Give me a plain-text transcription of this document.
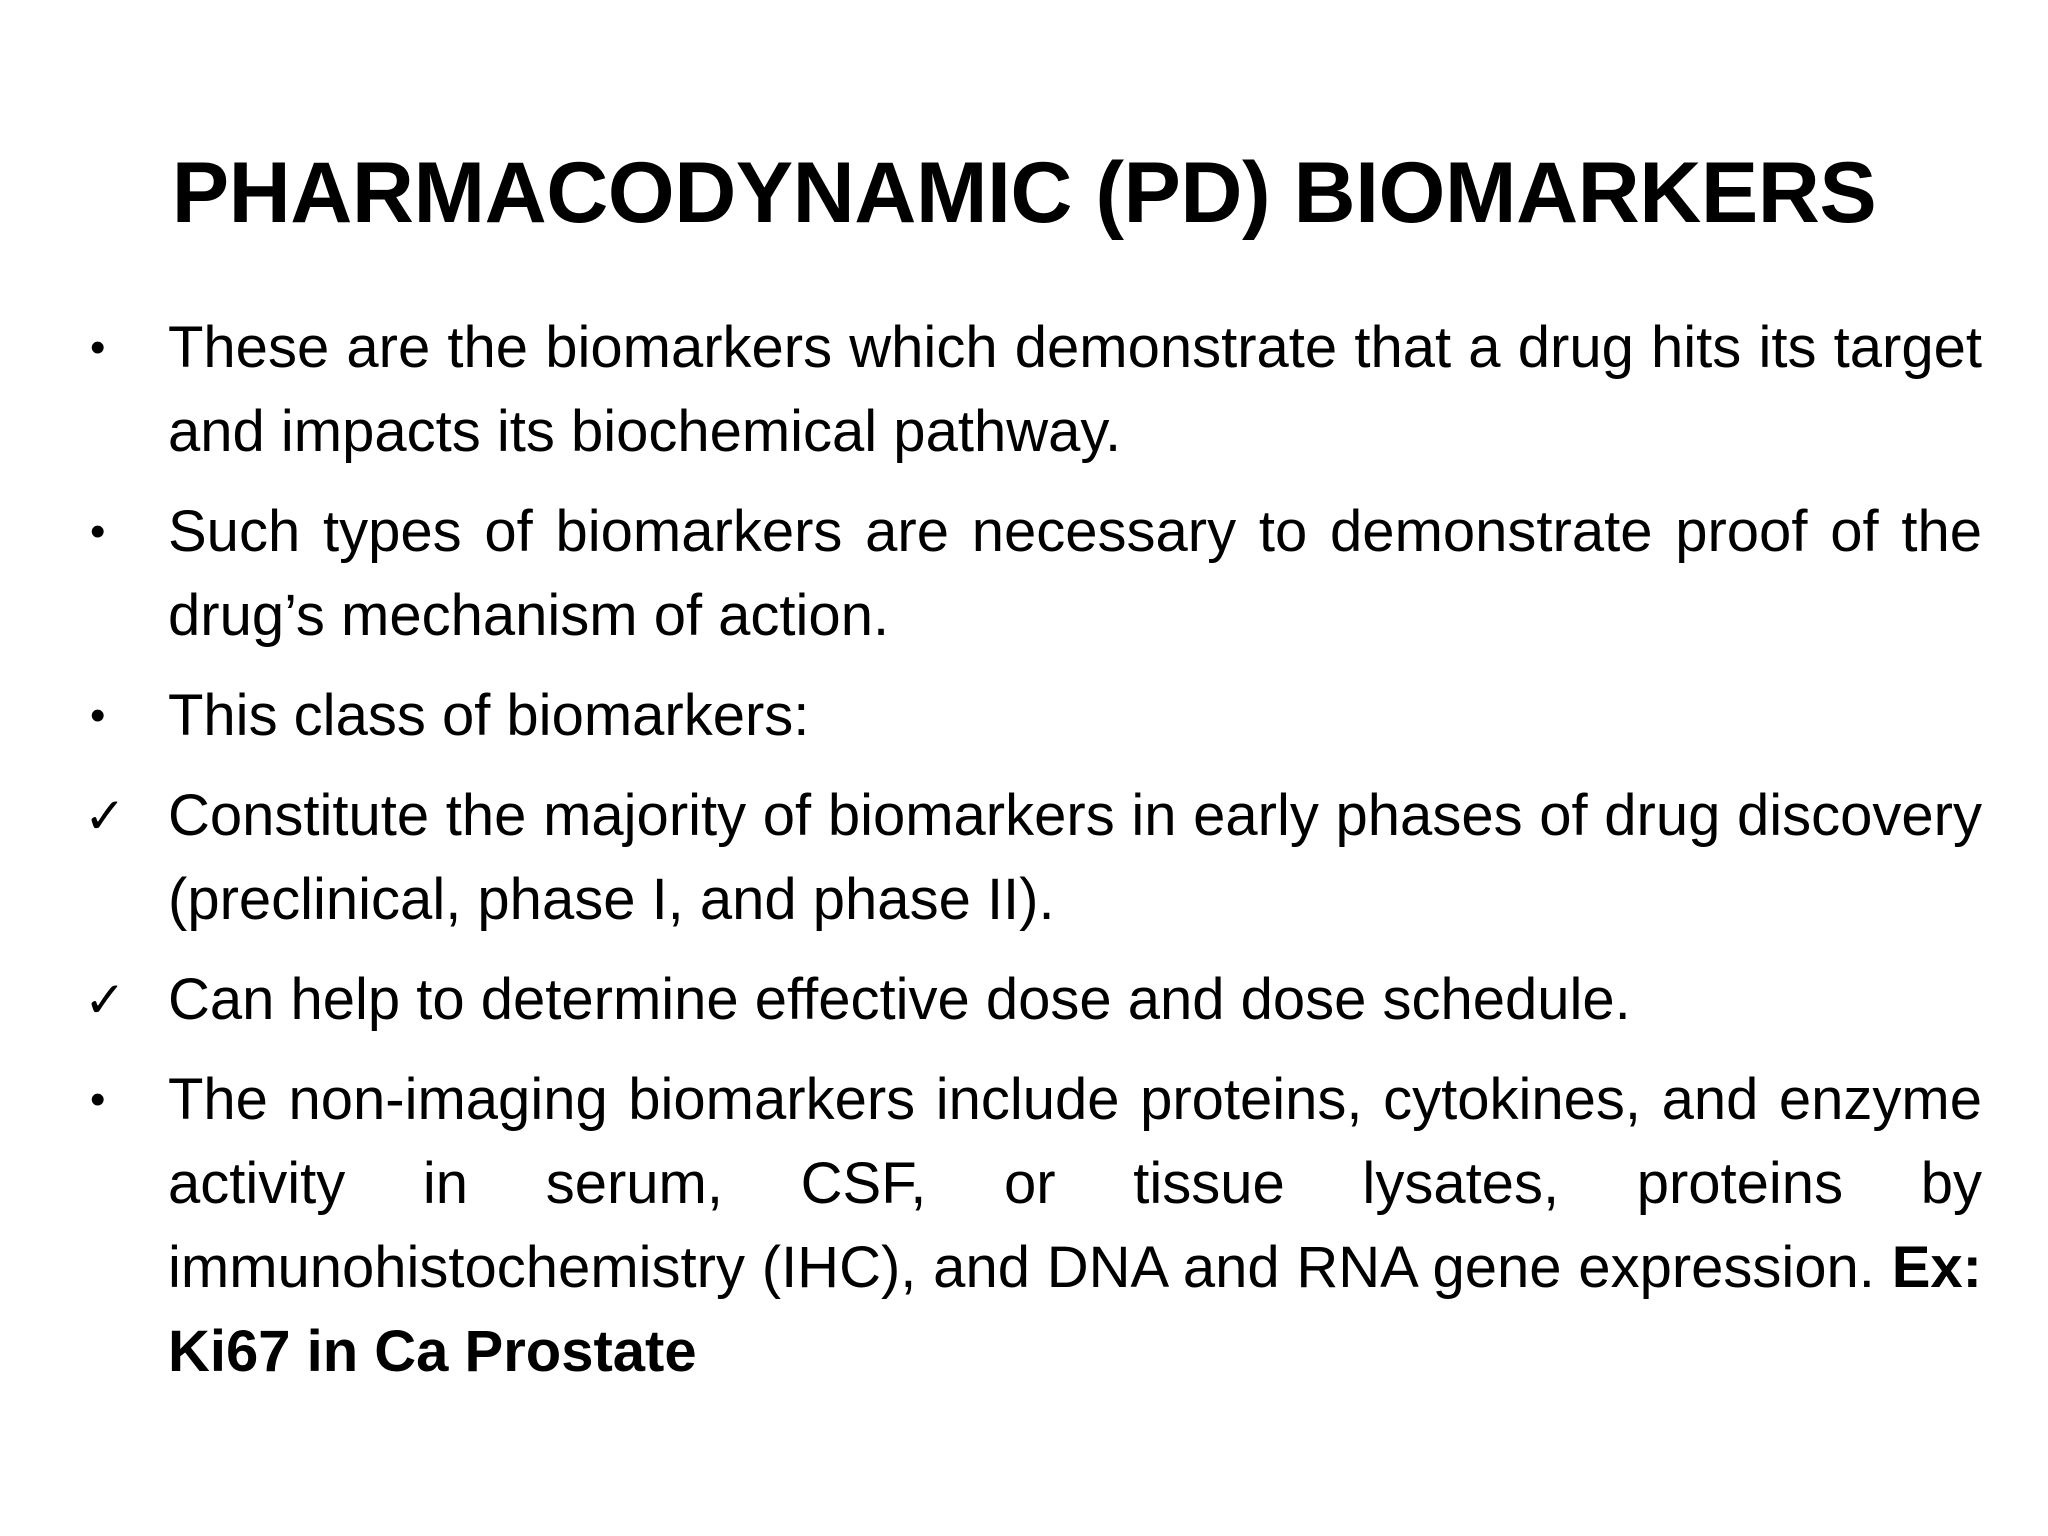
PHARMACODYNAMIC (PD) BIOMARKERS
•	These are the biomarkers which demonstrate that a drug hits its target and impacts its biochemical pathway.
•	Such types of biomarkers are necessary to demonstrate proof of the drug’s mechanism of action.
•	This class of biomarkers:
✓ Constitute the majority of biomarkers in early phases of drug discovery (preclinical, phase I, and phase II).
✓ Can help to determine effective dose and dose schedule.
•	The non-imaging biomarkers include proteins, cytokines, and enzyme activity in serum, CSF, or tissue lysates, proteins by immunohistochemistry (IHC), and DNA and RNA gene expression. Ex: Ki67 in Ca Prostate
